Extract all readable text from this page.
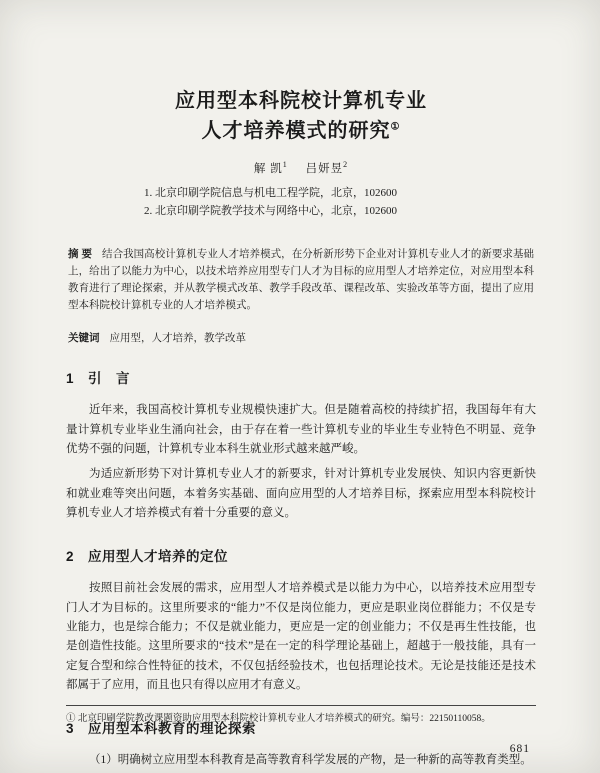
应用型本科院校计算机专业
人才培养模式的研究①
解 凯$^1$ 吕妍昱$^2$
1. 北京印刷学院信息与机电工程学院，北京，102600
2. 北京印刷学院教学技术与网络中心，北京，102600

摘 要 结合我国高校计算机专业人才培养模式，在分析新形势下企业对计算机专业人才的新要求基础上，给出了以能力为中心，以技术培养应用型专门人才为目标的应用型人才培养定位，对应用型本科教育进行了理论探索，并从教学模式改革、教学手段改革、课程改革、实验改革等方面，提出了应用型本科院校计算机专业的人才培养模式。

关键词 应用型，人才培养，教学改革

1　引　言

近年来，我国高校计算机专业规模快速扩大。但是随着高校的持续扩招，我国每年有大量计算机专业毕业生涌向社会，由于存在着一些计算机专业的毕业生专业特色不明显、竞争优势不强的问题，计算机专业本科生就业形式越来越严峻。

为适应新形势下对计算机专业人才的新要求，针对计算机专业发展快、知识内容更新快和就业难等突出问题，本着务实基础、面向应用型的人才培养目标，探索应用型本科院校计算机专业人才培养模式有着十分重要的意义。

2　应用型人才培养的定位

按照目前社会发展的需求，应用型人才培养模式是以能力为中心，以培养技术应用型专门人才为目标的。这里所要求的“能力”不仅是岗位能力，更应是职业岗位群能力；不仅是专业能力，也是综合能力；不仅是就业能力，更应是一定的创业能力；不仅是再生性技能，也是创造性技能。这里所要求的“技术”是在一定的科学理论基础上，超越于一般技能，具有一定复合型和综合性特征的技术，不仅包括经验技术，也包括理论技术。无论是技能还是技术都属于了应用，而且也只有得以应用才有意义。

3　应用型本科教育的理论探索

（1）明确树立应用型本科教育是高等教育科学发展的产物，是一种新的高等教育类型。

① 北京印刷学院教改课题资助应用型本科院校计算机专业人才培养模式的研究。编号：22150110058。
681
